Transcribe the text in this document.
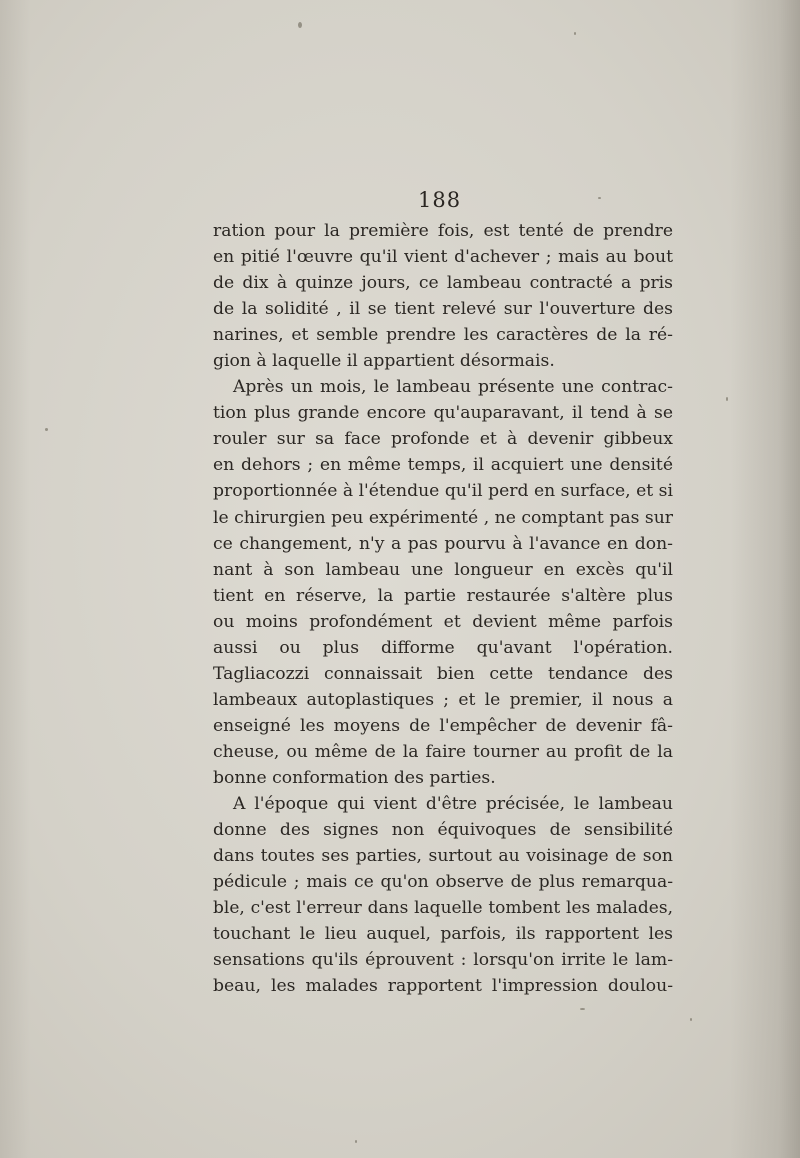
188
ration pour la première fois, est tenté de prendre
en pitié l'œuvre qu'il vient d'achever ; mais au bout
de dix à quinze jours, ce lambeau contracté a pris
de la solidité , il se tient relevé sur l'ouverture des
narines, et semble prendre les caractères de la ré-
gion à laquelle il appartient désormais.
Après un mois, le lambeau présente une contrac-
tion plus grande encore qu'auparavant, il tend à se
rouler sur sa face profonde et à devenir gibbeux
en dehors ; en même temps, il acquiert une densité
proportionnée à l'étendue qu'il perd en surface, et si
le chirurgien peu expérimenté , ne comptant pas sur
ce changement, n'y a pas pourvu à l'avance en don-
nant à son lambeau une longueur en excès qu'il
tient en réserve, la partie restaurée s'altère plus
ou moins profondément et devient même parfois
aussi ou plus difforme qu'avant l'opération.
Tagliacozzi connaissait bien cette tendance des
lambeaux autoplastiques ; et le premier, il nous a
enseigné les moyens de l'empêcher de devenir fâ-
cheuse, ou même de la faire tourner au profit de la
bonne conformation des parties.
A l'époque qui vient d'être précisée, le lambeau
donne des signes non équivoques de sensibilité
dans toutes ses parties, surtout au voisinage de son
pédicule ; mais ce qu'on observe de plus remarqua-
ble, c'est l'erreur dans laquelle tombent les malades,
touchant le lieu auquel, parfois, ils rapportent les
sensations qu'ils éprouvent : lorsqu'on irrite le lam-
beau, les malades rapportent l'impression doulou-
